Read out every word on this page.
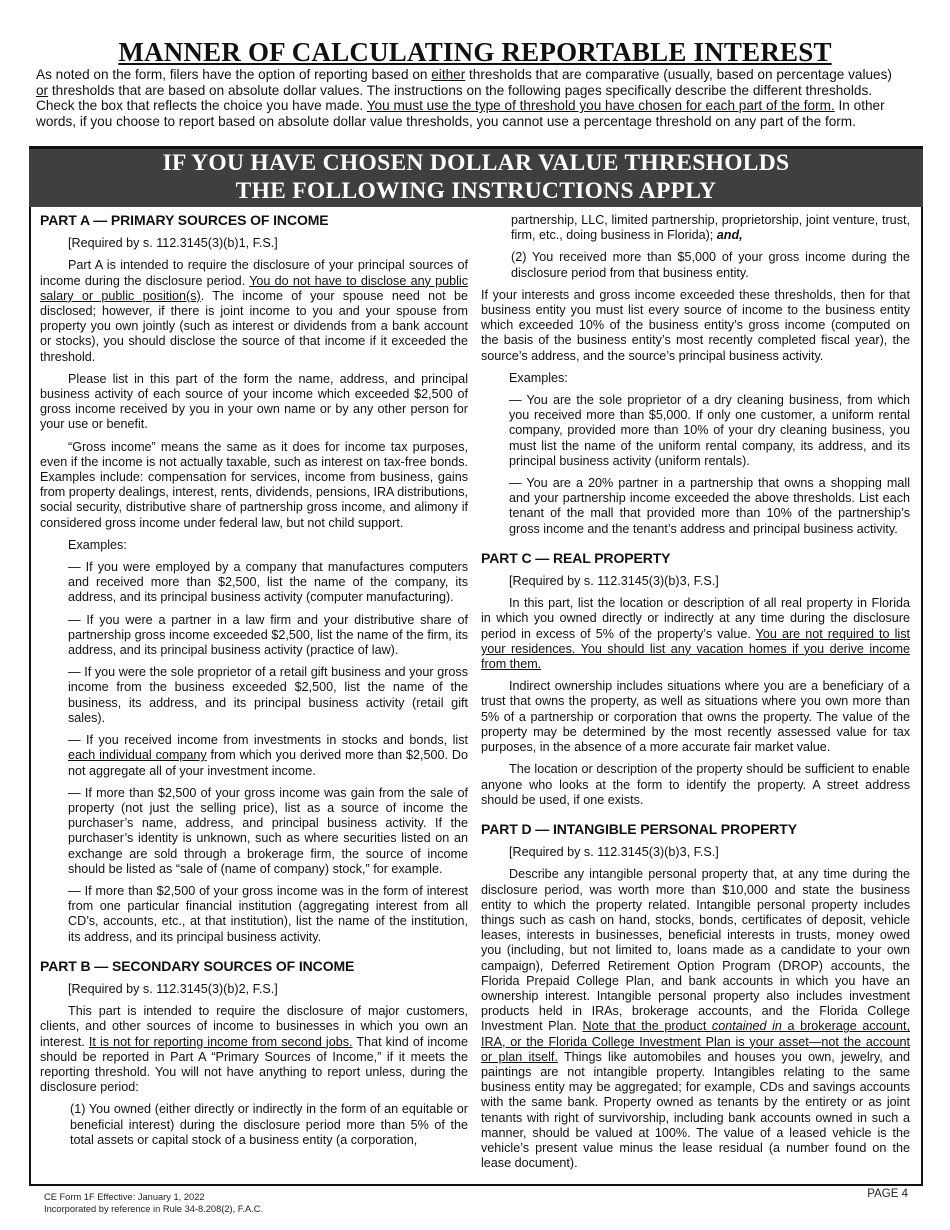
MANNER OF CALCULATING REPORTABLE INTEREST

As noted on the form, filers have the option of reporting based on either thresholds that are comparative (usually, based on percentage values) or thresholds that are based on absolute dollar values. The instructions on the following pages specifically describe the different thresholds. Check the box that reflects the choice you have made. You must use the type of threshold you have chosen for each part of the form. In other words, if you choose to report based on absolute dollar value thresholds, you cannot use a percentage threshold on any part of the form.

IF YOU HAVE CHOSEN DOLLAR VALUE THRESHOLDS
THE FOLLOWING INSTRUCTIONS APPLY

PART A — PRIMARY SOURCES OF INCOME

[Required by s. 112.3145(3)(b)1, F.S.]

Part A is intended to require the disclosure of your principal sources of income during the disclosure period. You do not have to disclose any public salary or public position(s). The income of your spouse need not be disclosed; however, if there is joint income to you and your spouse from property you own jointly (such as interest or dividends from a bank account or stocks), you should disclose the source of that income if it exceeded the threshold.

Please list in this part of the form the name, address, and principal business activity of each source of your income which exceeded $2,500 of gross income received by you in your own name or by any other person for your use or benefit.

“Gross income” means the same as it does for income tax purposes, even if the income is not actually taxable, such as interest on tax-free bonds. Examples include: compensation for services, income from business, gains from property dealings, interest, rents, dividends, pensions, IRA distributions, social security, distributive share of partnership gross income, and alimony if considered gross income under federal law, but not child support.

Examples:

— If you were employed by a company that manufactures computers and received more than $2,500, list the name of the company, its address, and its principal business activity (computer manufacturing).

— If you were a partner in a law firm and your distributive share of partnership gross income exceeded $2,500, list the name of the firm, its address, and its principal business activity (practice of law).

— If you were the sole proprietor of a retail gift business and your gross income from the business exceeded $2,500, list the name of the business, its address, and its principal business activity (retail gift sales).

— If you received income from investments in stocks and bonds, list each individual company from which you derived more than $2,500. Do not aggregate all of your investment income.

— If more than $2,500 of your gross income was gain from the sale of property (not just the selling price), list as a source of income the purchaser’s name, address, and principal business activity. If the purchaser’s identity is unknown, such as where securities listed on an exchange are sold through a brokerage firm, the source of income should be listed as “sale of (name of company) stock,” for example.

— If more than $2,500 of your gross income was in the form of interest from one particular financial institution (aggregating interest from all CD’s, accounts, etc., at that institution), list the name of the institution, its address, and its principal business activity.

PART B — SECONDARY SOURCES OF INCOME

[Required by s. 112.3145(3)(b)2, F.S.]

This part is intended to require the disclosure of major customers, clients, and other sources of income to businesses in which you own an interest. It is not for reporting income from second jobs. That kind of income should be reported in Part A “Primary Sources of Income,” if it meets the reporting threshold. You will not have anything to report unless, during the disclosure period:

(1) You owned (either directly or indirectly in the form of an equitable or beneficial interest) during the disclosure period more than 5% of the total assets or capital stock of a business entity (a corporation,

partnership, LLC, limited partnership, proprietorship, joint venture, trust, firm, etc., doing business in Florida); and,

(2) You received more than $5,000 of your gross income during the disclosure period from that business entity.

If your interests and gross income exceeded these thresholds, then for that business entity you must list every source of income to the business entity which exceeded 10% of the business entity’s gross income (computed on the basis of the business entity’s most recently completed fiscal year), the source’s address, and the source’s principal business activity.

Examples:

— You are the sole proprietor of a dry cleaning business, from which you received more than $5,000. If only one customer, a uniform rental company, provided more than 10% of your dry cleaning business, you must list the name of the uniform rental company, its address, and its principal business activity (uniform rentals).

— You are a 20% partner in a partnership that owns a shopping mall and your partnership income exceeded the above thresholds. List each tenant of the mall that provided more than 10% of the partnership’s gross income and the tenant’s address and principal business activity.

PART C — REAL PROPERTY

[Required by s. 112.3145(3)(b)3, F.S.]

In this part, list the location or description of all real property in Florida in which you owned directly or indirectly at any time during the disclosure period in excess of 5% of the property’s value. You are not required to list your residences. You should list any vacation homes if you derive income from them.

Indirect ownership includes situations where you are a beneficiary of a trust that owns the property, as well as situations where you own more than 5% of a partnership or corporation that owns the property. The value of the property may be determined by the most recently assessed value for tax purposes, in the absence of a more accurate fair market value.

The location or description of the property should be sufficient to enable anyone who looks at the form to identify the property. A street address should be used, if one exists.

PART D — INTANGIBLE PERSONAL PROPERTY

[Required by s. 112.3145(3)(b)3, F.S.]

Describe any intangible personal property that, at any time during the disclosure period, was worth more than $10,000 and state the business entity to which the property related. Intangible personal property includes things such as cash on hand, stocks, bonds, certificates of deposit, vehicle leases, interests in businesses, beneficial interests in trusts, money owed you (including, but not limited to, loans made as a candidate to your own campaign), Deferred Retirement Option Program (DROP) accounts, the Florida Prepaid College Plan, and bank accounts in which you have an ownership interest. Intangible personal property also includes investment products held in IRAs, brokerage accounts, and the Florida College Investment Plan. Note that the product contained in a brokerage account, IRA, or the Florida College Investment Plan is your asset—not the account or plan itself. Things like automobiles and houses you own, jewelry, and paintings are not intangible property. Intangibles relating to the same business entity may be aggregated; for example, CDs and savings accounts with the same bank. Property owned as tenants by the entirety or as joint tenants with right of survivorship, including bank accounts owned in such a manner, should be valued at 100%. The value of a leased vehicle is the vehicle’s present value minus the lease residual (a number found on the lease document).

CE Form 1F Effective: January 1, 2022
Incorporated by reference in Rule 34-8.208(2), F.A.C.
PAGE 4
